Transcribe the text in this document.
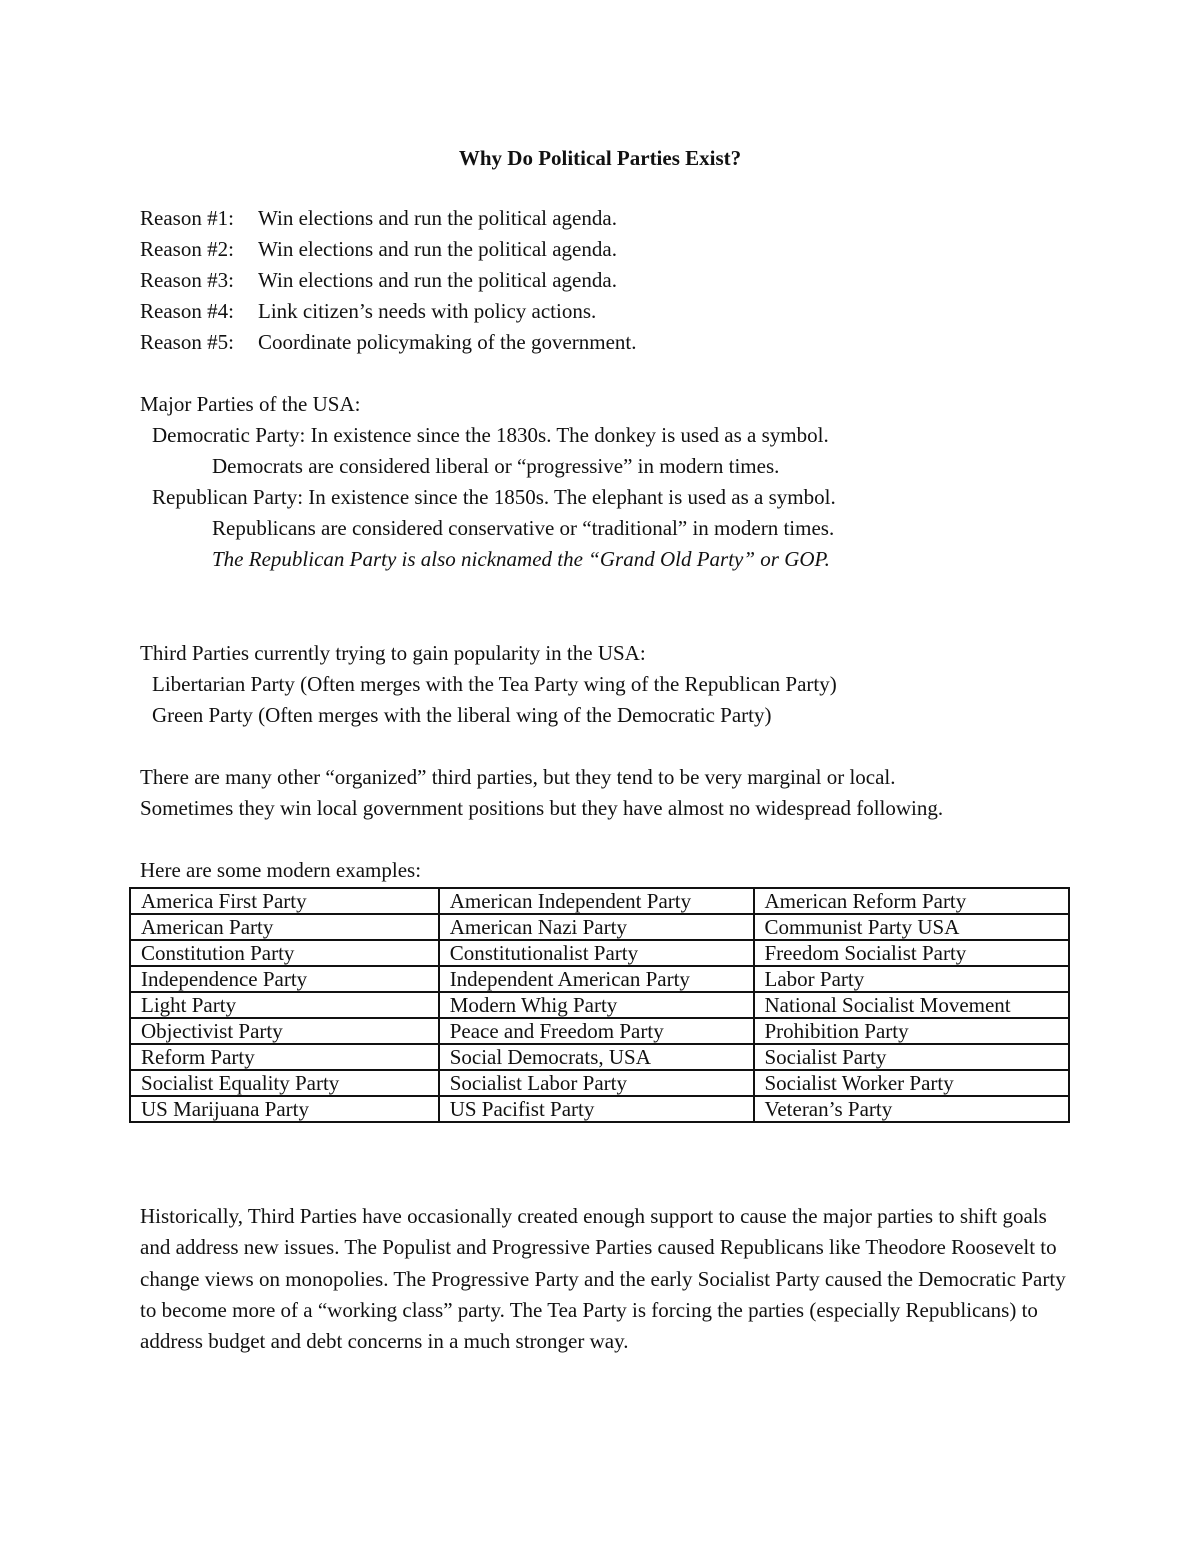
Why Do Political Parties Exist?
Reason #1: Win elections and run the political agenda.
Reason #2: Win elections and run the political agenda.
Reason #3: Win elections and run the political agenda.
Reason #4: Link citizen’s needs with policy actions.
Reason #5: Coordinate policymaking of the government.
Major Parties of the USA:
Democratic Party: In existence since the 1830s. The donkey is used as a symbol.
Democrats are considered liberal or “progressive” in modern times.
Republican Party: In existence since the 1850s. The elephant is used as a symbol.
Republicans are considered conservative or “traditional” in modern times.
The Republican Party is also nicknamed the “Grand Old Party” or GOP.
Third Parties currently trying to gain popularity in the USA:
Libertarian Party (Often merges with the Tea Party wing of the Republican Party)
Green Party (Often merges with the liberal wing of the Democratic Party)
There are many other “organized” third parties, but they tend to be very marginal or local.
Sometimes they win local government positions but they have almost no widespread following.
Here are some modern examples:
America First Party	American Independent Party	American Reform Party
American Party	American Nazi Party	Communist Party USA
Constitution Party	Constitutionalist Party	Freedom Socialist Party
Independence Party	Independent American Party	Labor Party
Light Party	Modern Whig Party	National Socialist Movement
Objectivist Party	Peace and Freedom Party	Prohibition Party
Reform Party	Social Democrats, USA	Socialist Party
Socialist Equality Party	Socialist Labor Party	Socialist Worker Party
US Marijuana Party	US Pacifist Party	Veteran’s Party
Historically, Third Parties have occasionally created enough support to cause the major parties to shift goals and address new issues. The Populist and Progressive Parties caused Republicans like Theodore Roosevelt to change views on monopolies. The Progressive Party and the early Socialist Party caused the Democratic Party to become more of a “working class” party. The Tea Party is forcing the parties (especially Republicans) to address budget and debt concerns in a much stronger way.
